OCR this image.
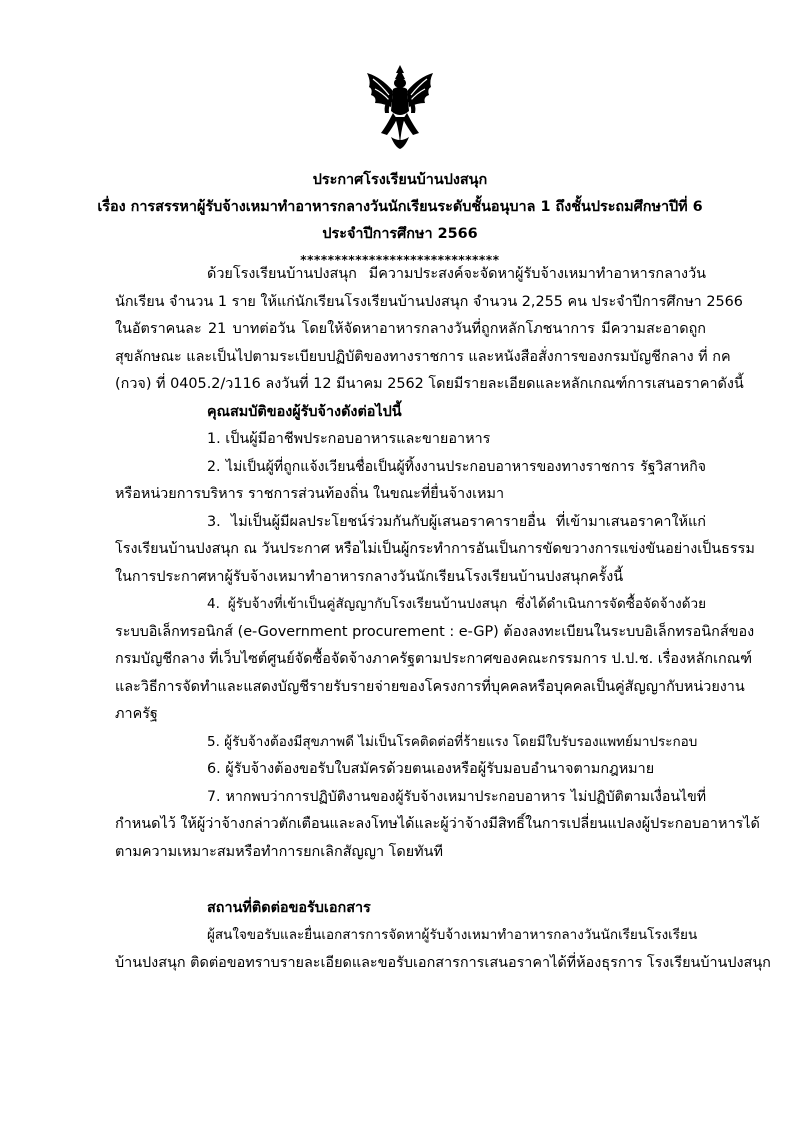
ประกาศโรงเรียนบ้านปงสนุก
เรื่อง การสรรหาผู้รับจ้างเหมาทำอาหารกลางวันนักเรียนระดับชั้นอนุบาล 1 ถึงชั้นประถมศึกษาปีที่ 6
ประจำปีการศึกษา 2566
*****************************
ด้วยโรงเรียนบ้านปงสนุก มีความประสงค์จะจัดหาผู้รับจ้างเหมาทำอาหารกลางวัน
นักเรียน จำนวน 1 ราย ให้แก่นักเรียนโรงเรียนบ้านปงสนุก จำนวน 2,255 คน ประจำปีการศึกษา 2566
ในอัตราคนละ 21 บาทต่อวัน โดยให้จัดหาอาหารกลางวันที่ถูกหลักโภชนาการ มีความสะอาดถูก
สุขลักษณะ และเป็นไปตามระเบียบปฏิบัติของทางราชการ และหนังสือสั่งการของกรมบัญชีกลาง ที่ กค
(กวจ) ที่ 0405.2/ว116 ลงวันที่ 12 มีนาคม 2562 โดยมีรายละเอียดและหลักเกณฑ์การเสนอราคาดังนี้
คุณสมบัติของผู้รับจ้างดังต่อไปนี้
1. เป็นผู้มีอาชีพประกอบอาหารและขายอาหาร
2. ไม่เป็นผู้ที่ถูกแจ้งเวียนชื่อเป็นผู้ทิ้งงานประกอบอาหารของทางราชการ รัฐวิสาหกิจ
หรือหน่วยการบริหาร ราชการส่วนท้องถิ่น ในขณะที่ยื่นจ้างเหมา
3. ไม่เป็นผู้มีผลประโยชน์ร่วมกันกับผู้เสนอราคารายอื่น ที่เข้ามาเสนอราคาให้แก่
โรงเรียนบ้านปงสนุก ณ วันประกาศ หรือไม่เป็นผู้กระทำการอันเป็นการขัดขวางการแข่งขันอย่างเป็นธรรม
ในการประกาศหาผู้รับจ้างเหมาทำอาหารกลางวันนักเรียนโรงเรียนบ้านปงสนุกครั้งนี้
4. ผู้รับจ้างที่เข้าเป็นคู่สัญญากับโรงเรียนบ้านปงสนุก ซึ่งได้ดำเนินการจัดซื้อจัดจ้างด้วย
ระบบอิเล็กทรอนิกส์ (e-Government procurement : e-GP) ต้องลงทะเบียนในระบบอิเล็กทรอนิกส์ของ
กรมบัญชีกลาง ที่เว็บไซต์ศูนย์จัดซื้อจัดจ้างภาครัฐตามประกาศของคณะกรรมการ ป.ป.ช. เรื่องหลักเกณฑ์
และวิธีการจัดทำและแสดงบัญชีรายรับรายจ่ายของโครงการที่บุคคลหรือบุคคลเป็นคู่สัญญากับหน่วยงาน
ภาครัฐ
5. ผู้รับจ้างต้องมีสุขภาพดี ไม่เป็นโรคติดต่อที่ร้ายแรง โดยมีใบรับรองแพทย์มาประกอบ
6. ผู้รับจ้างต้องขอรับใบสมัครด้วยตนเองหรือผู้รับมอบอำนาจตามกฎหมาย
7. หากพบว่าการปฏิบัติงานของผู้รับจ้างเหมาประกอบอาหาร ไม่ปฏิบัติตามเงื่อนไขที่
กำหนดไว้ ให้ผู้ว่าจ้างกล่าวตักเตือนและลงโทษได้และผู้ว่าจ้างมีสิทธิ์ในการเปลี่ยนแปลงผู้ประกอบอาหารได้
ตามความเหมาะสมหรือทำการยกเลิกสัญญา โดยทันที
สถานที่ติดต่อขอรับเอกสาร
ผู้สนใจขอรับและยื่นเอกสารการจัดหาผู้รับจ้างเหมาทำอาหารกลางวันนักเรียนโรงเรียน
บ้านปงสนุก ติดต่อขอทราบรายละเอียดและขอรับเอกสารการเสนอราคาได้ที่ห้องธุรการ โรงเรียนบ้านปงสนุก
